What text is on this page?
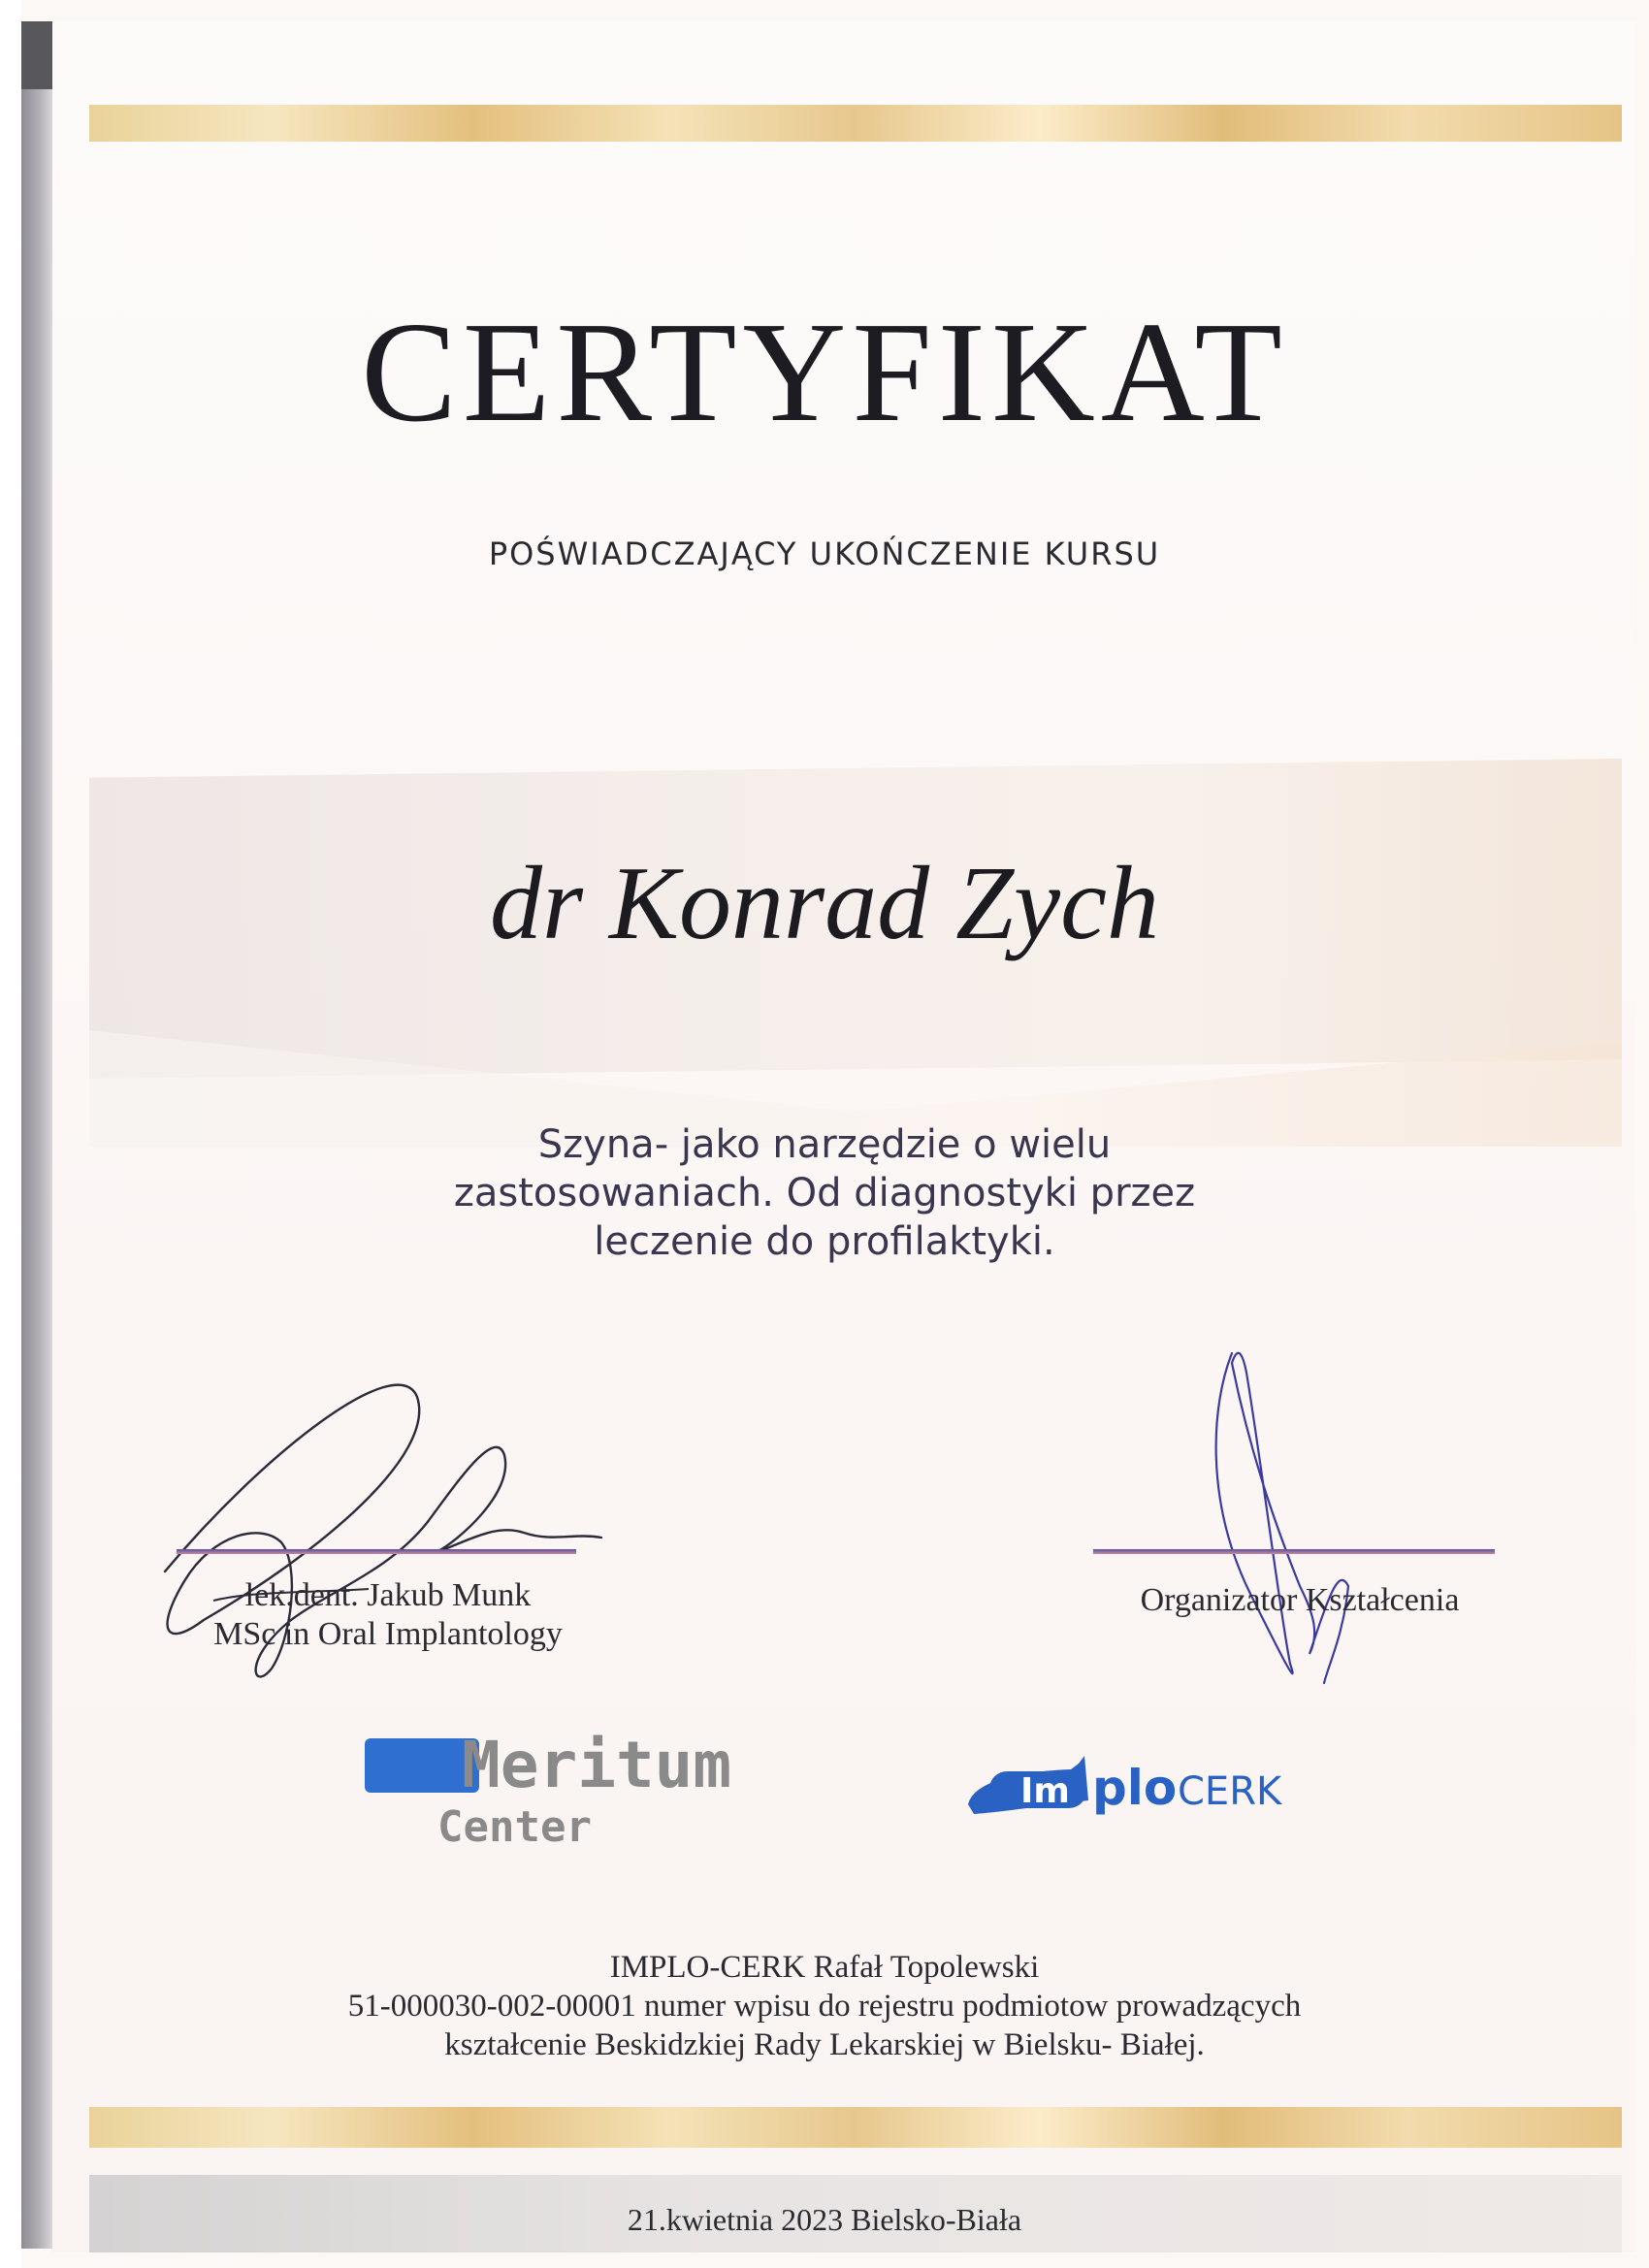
CERTYFIKAT
POŚWIADCZAJĄCY UKOŃCZENIE KURSU
dr Konrad Zych
Szyna- jako narzędzie o wielu
zastosowaniach. Od diagnostyki przez
leczenie do profilaktyki.
lek.dent. Jakub Munk
MSc in Oral Implantology
Organizator Kształcenia
Meritum
Center
Im plo CERK
IMPLO-CERK Rafał Topolewski
51-000030-002-00001 numer wpisu do rejestru podmiotow prowadzących
kształcenie Beskidzkiej Rady Lekarskiej w Bielsku- Białej.
21.kwietnia 2023 Bielsko-Biała
